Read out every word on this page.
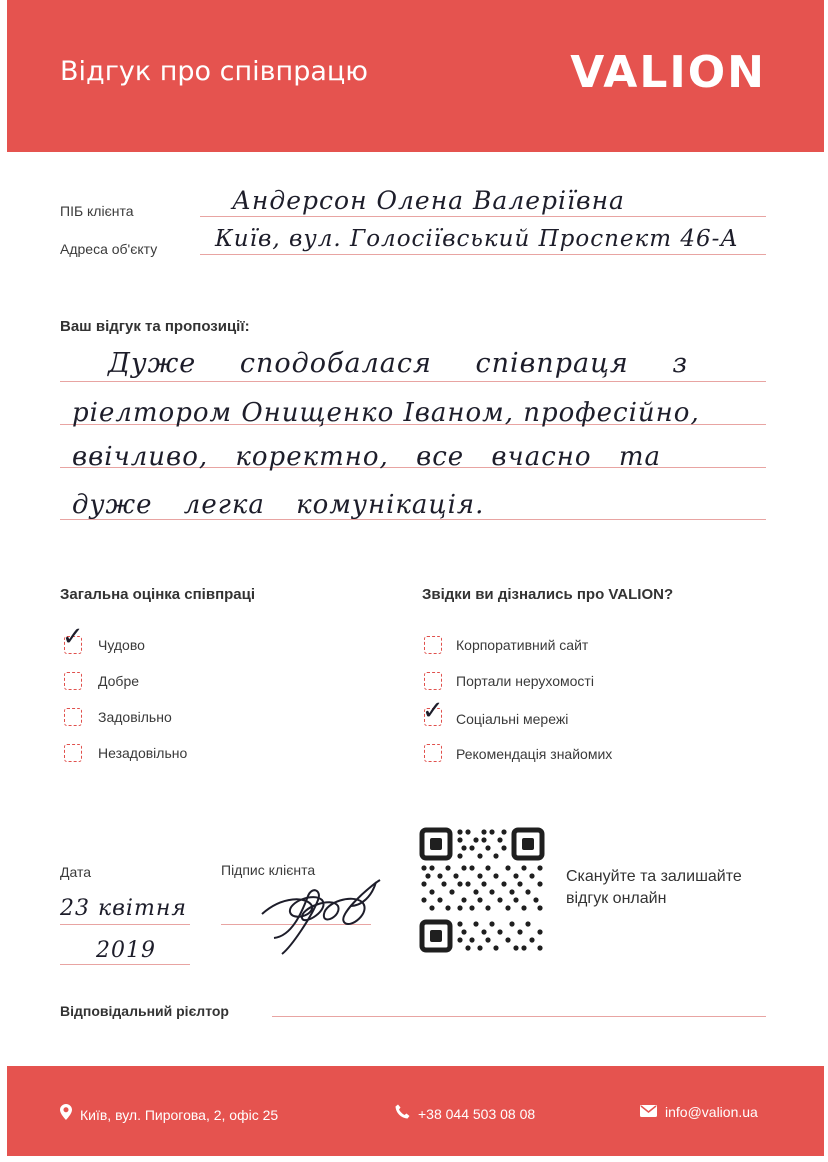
Відгук про співпрацю	VALION
ПІБ клієнта	Андерсон Олена Валеріївна
Адреса об'єкту	Київ, вул. Голосіївський Проспект 46-А
Ваш відгук та пропозиції:
Дуже сподобалася співпраця з
ріелтором Онищенко Іваном, професійно,
ввічливо, коректно, все вчасно та
дуже легка комунікація.
Загальна оцінка співпраці
✓ Чудово
Добре
Задовільно
Незадовільно
Звідки ви дізнались про VALION?
Корпоративний сайт
Портали нерухомості
✓ Соціальні мережі
Рекомендація знайомих
Дата
23 квітня
2019
Підпис клієнта	Скануйте та залишайте відгук онлайн
Відповідальний рієлтор
Київ, вул. Пирогова, 2, офіс 25	+38 044 503 08 08	info@valion.ua
